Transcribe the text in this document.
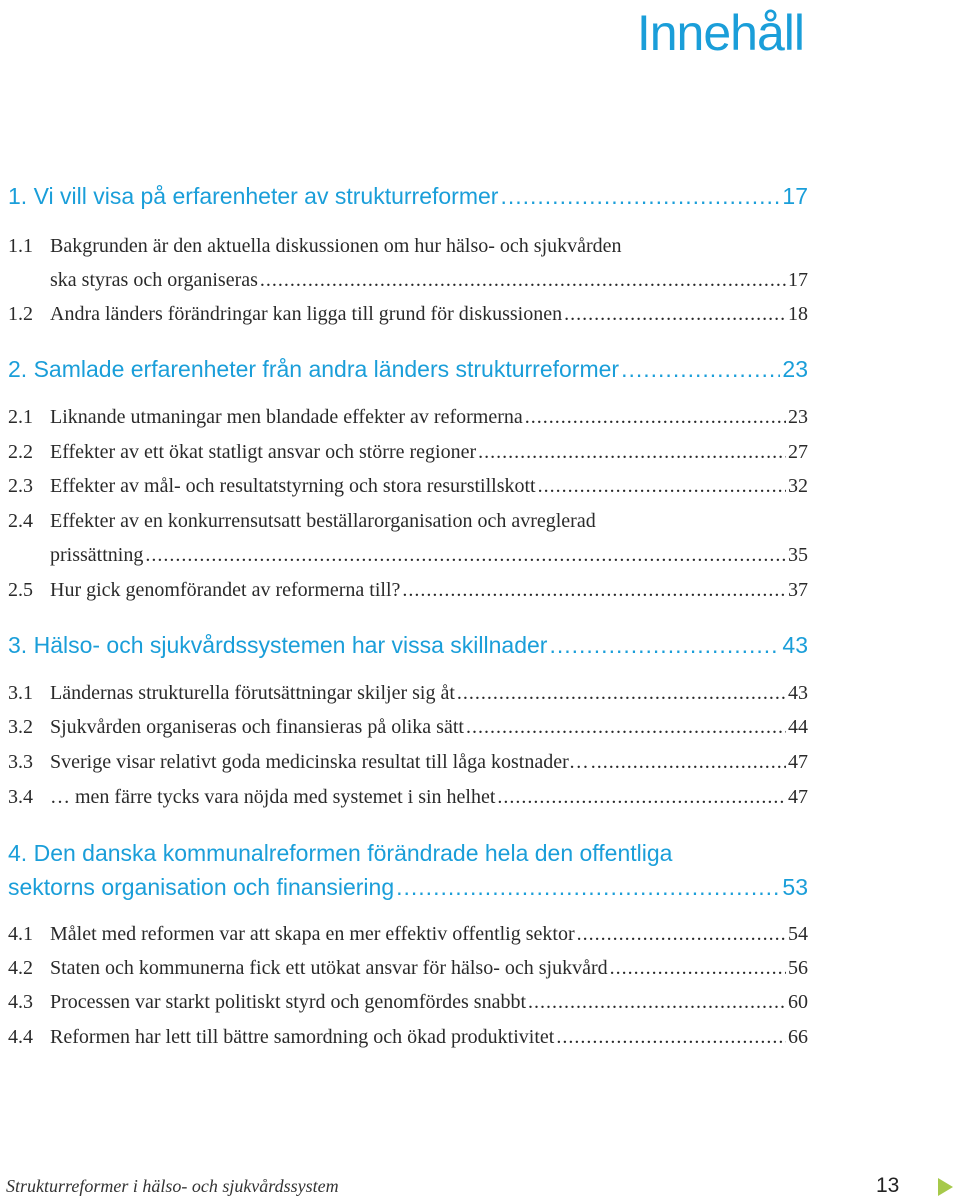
Innehåll
1. Vi vill visa på erfarenheter av strukturreformer .....	17
1.1 Bakgrunden är den aktuella diskussionen om hur hälso- och sjukvården
ska styras och organiseras .....	17
1.2 Andra länders förändringar kan ligga till grund för diskussionen .....	18
2. Samlade erfarenheter från andra länders strukturreformer .....	23
2.1 Liknande utmaningar men blandade effekter av reformerna .....	23
2.2 Effekter av ett ökat statligt ansvar och större regioner .....	27
2.3 Effekter av mål- och resultatstyrning och stora resurstillskott .....	32
2.4 Effekter av en konkurrensutsatt beställarorganisation och avreglerad
prissättning .....	35
2.5 Hur gick genomförandet av reformerna till? .....	37
3. Hälso- och sjukvårdssystemen har vissa skillnader .....	43
3.1 Ländernas strukturella förutsättningar skiljer sig åt .....	43
3.2 Sjukvården organiseras och finansieras på olika sätt .....	44
3.3 Sverige visar relativt goda medicinska resultat till låga kostnader… .....	47
3.4 … men färre tycks vara nöjda med systemet i sin helhet .....	47
4. Den danska kommunalreformen förändrade hela den offentliga
sektorns organisation och finansiering .....	53
4.1 Målet med reformen var att skapa en mer effektiv offentlig sektor .....	54
4.2 Staten och kommunerna fick ett utökat ansvar för hälso- och sjukvård .....	56
4.3 Processen var starkt politiskt styrd och genomfördes snabbt .....	60
4.4 Reformen har lett till bättre samordning och ökad produktivitet .....	66
Strukturreformer i hälso- och sjukvårdssystem	13
